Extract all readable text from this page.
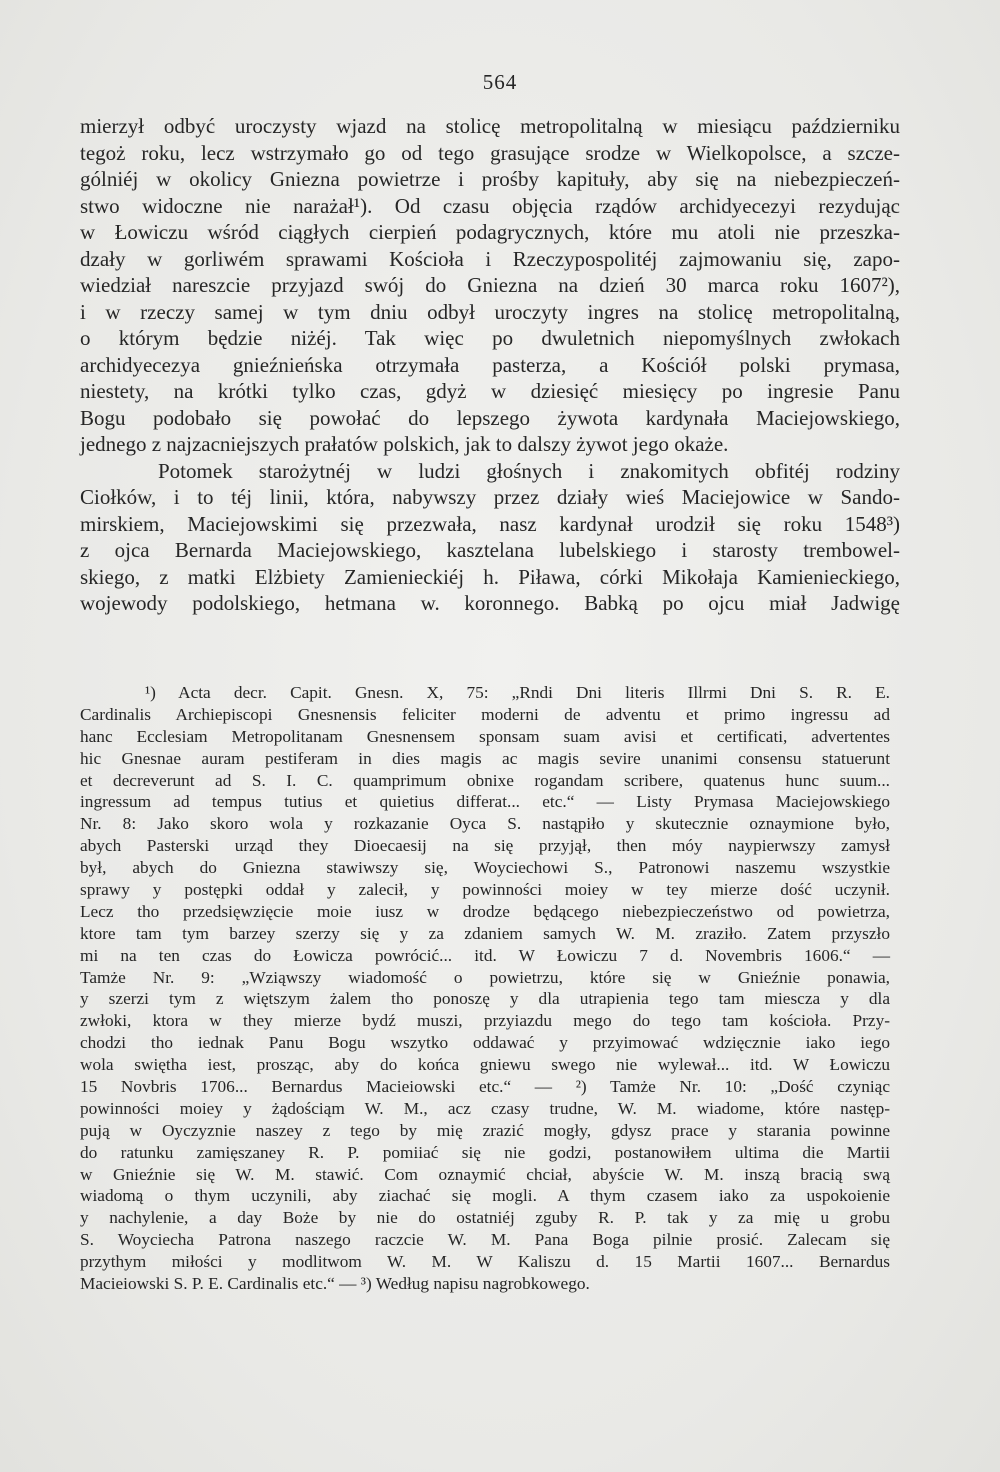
564
mierzył odbyć uroczysty wjazd na stolicę metropolitalną w miesiącu październiku
tegoż roku, lecz wstrzymało go od tego grasujące srodze w Wielkopolsce, a szcze-
gólniéj w okolicy Gniezna powietrze i prośby kapituły, aby się na niebezpieczeń-
stwo widoczne nie narażał¹). Od czasu objęcia rządów archidyecezyi rezydując
w Łowiczu wśród ciągłych cierpień podagrycznych, które mu atoli nie przeszka-
dzały w gorliwém sprawami Kościoła i Rzeczypospolitéj zajmowaniu się, zapo-
wiedział nareszcie przyjazd swój do Gniezna na dzień 30 marca roku 1607²),
i w rzeczy samej w tym dniu odbył uroczyty ingres na stolicę metropolitalną,
o którym będzie niżéj. Tak więc po dwuletnich niepomyślnych zwłokach
archidyecezya gnieźnieńska otrzymała pasterza, a Kościół polski prymasa,
niestety, na krótki tylko czas, gdyż w dziesięć miesięcy po ingresie Panu
Bogu podobało się powołać do lepszego żywota kardynała Maciejowskiego,
jednego z najzacniejszych prałatów polskich, jak to dalszy żywot jego okaże.
Potomek starożytnéj w ludzi głośnych i znakomitych obfitéj rodziny
Ciołków, i to téj linii, która, nabywszy przez działy wieś Maciejowice w Sando-
mirskiem, Maciejowskimi się przezwała, nasz kardynał urodził się roku 1548³)
z ojca Bernarda Maciejowskiego, kasztelana lubelskiego i starosty trembowel-
skiego, z matki Elżbiety Zamienieckiéj h. Piława, córki Mikołaja Kamienieckiego,
wojewody podolskiego, hetmana w. koronnego. Babką po ojcu miał Jadwigę
¹) Acta decr. Capit. Gnesn. X, 75: „Rndi Dni literis Illrmi Dni S. R. E.
Cardinalis Archiepiscopi Gnesnensis feliciter moderni de adventu et primo ingressu ad
hanc Ecclesiam Metropolitanam Gnesnensem sponsam suam avisi et certificati, advertentes
hic Gnesnae auram pestiferam in dies magis ac magis sevire unanimi consensu statuerunt
et decreverunt ad S. I. C. quamprimum obnixe rogandam scribere, quatenus hunc suum...
ingressum ad tempus tutius et quietius differat... etc.“ — Listy Prymasa Maciejowskiego
Nr. 8: Jako skoro wola y rozkazanie Oyca S. nastąpiło y skutecznie oznaymione było,
abych Pasterski urząd they Dioecaesij na się przyjął, then móy naypierwszy zamysł
był, abych do Gniezna stawiwszy się, Woyciechowi S., Patronowi naszemu wszystkie
sprawy y postępki oddał y zalecił, y powinności moiey w tey mierze dość uczynił.
Lecz tho przedsięwzięcie moie iusz w drodze będącego niebezpieczeństwo od powietrza,
ktore tam tym barzey szerzy się y za zdaniem samych W. M. zraziło. Zatem przyszło
mi na ten czas do Łowicza powrócić... itd. W Łowiczu 7 d. Novembris 1606.“ —
Tamże Nr. 9: „Wziąwszy wiadomość o powietrzu, które się w Gnieźnie ponawia,
y szerzi tym z więtszym żalem tho ponoszę y dla utrapienia tego tam miescza y dla
zwłoki, ktora w they mierze bydź muszi, przyiazdu mego do tego tam kościoła. Przy-
chodzi tho iednak Panu Bogu wszytko oddawać y przyimować wdzięcznie iako iego
wola swiętha iest, prosząc, aby do końca gniewu swego nie wylewał... itd. W Łowiczu
15 Novbris 1706... Bernardus Macieiowski etc.“ — ²) Tamże Nr. 10: „Dość czyniąc
powinności moiey y żądościąm W. M., acz czasy trudne, W. M. wiadome, które następ-
pują w Oyczyznie naszey z tego by mię zrazić mogły, gdysz prace y starania powinne
do ratunku zamięszaney R. P. pomiiać się nie godzi, postanowiłem ultima die Martii
w Gnieźnie się W. M. stawić. Com oznaymić chciał, abyście W. M. inszą bracią swą
wiadomą o thym uczynili, aby ziachać się mogli. A thym czasem iako za uspokoienie
y nachylenie, a day Boże by nie do ostatniéj zguby R. P. tak y za mię u grobu
S. Woyciecha Patrona naszego raczcie W. M. Pana Boga pilnie prosić. Zalecam się
przythym miłości y modlitwom W. M. W Kaliszu d. 15 Martii 1607... Bernardus
Macieiowski S. P. E. Cardinalis etc.“ — ³) Według napisu nagrobkowego.
